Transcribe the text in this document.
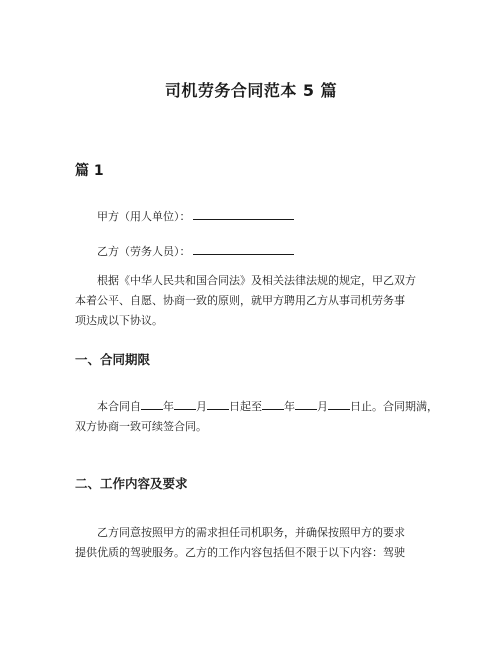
司机劳务合同范本 5 篇
篇 1
甲方（用人单位）：
乙方（劳务人员）：
根据《中华人民共和国合同法》及相关法律法规的规定，甲乙双方
本着公平、自愿、协商一致的原则，就甲方聘用乙方从事司机劳务事
项达成以下协议。
一、合同期限
本合同自 年 月 日起至 年 月 日止。合同期满，
双方协商一致可续签合同。
二、工作内容及要求
乙方同意按照甲方的需求担任司机职务，并确保按照甲方的要求
提供优质的驾驶服务。乙方的工作内容包括但不限于以下内容：驾驶
